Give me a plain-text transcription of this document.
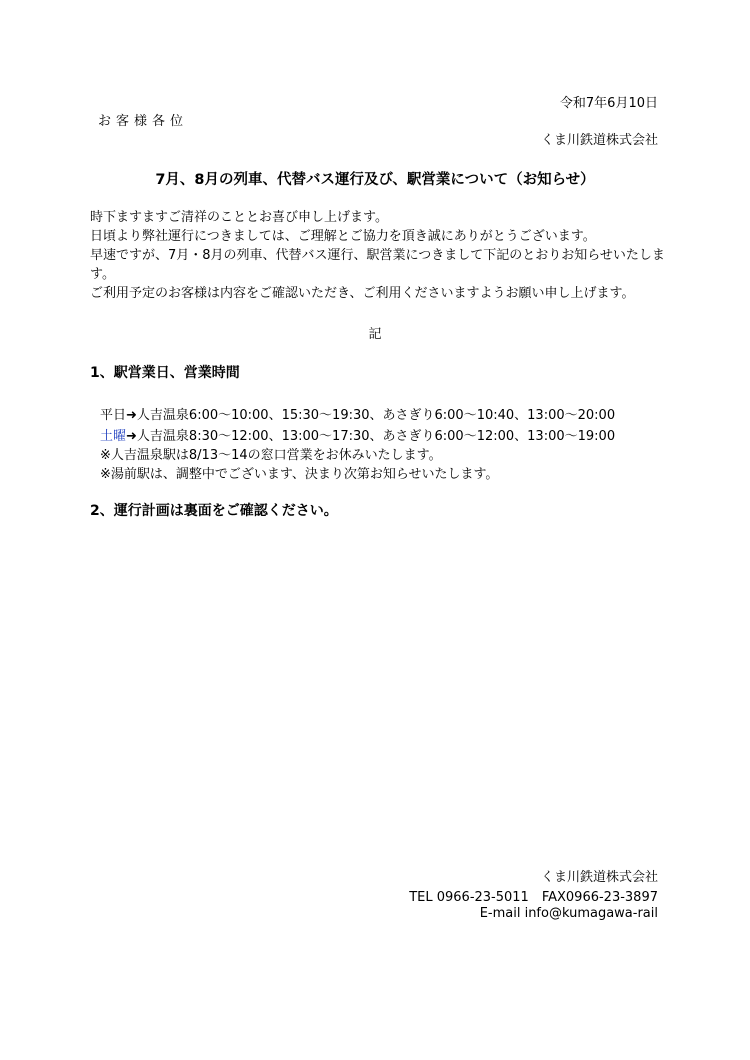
令和7年6月10日
お客様各位
くま川鉄道株式会社
7月、8月の列車、代替バス運行及び、駅営業について（お知らせ）
時下ますますご清祥のこととお喜び申し上げます。
日頃より弊社運行につきましては、ご理解とご協力を頂き誠にありがとうございます。
早速ですが、7月・8月の列車、代替バス運行、駅営業につきまして下記のとおりお知らせいたします。
ご利用予定のお客様は内容をご確認いただき、ご利用くださいますようお願い申し上げます。
記
1、駅営業日、営業時間
平日➜人吉温泉6:00～10:00、15:30～19:30、あさぎり6:00～10:40、13:00～20:00
土曜➜人吉温泉8:30～12:00、13:00～17:30、あさぎり6:00～12:00、13:00～19:00
※人吉温泉駅は8/13～14の窓口営業をお休みいたします。
※湯前駅は、調整中でございます、決まり次第お知らせいたします。
2、運行計画は裏面をご確認ください。
くま川鉄道株式会社
TEL 0966-23-5011　FAX0966-23-3897
E-mail info@kumagawa-rail
